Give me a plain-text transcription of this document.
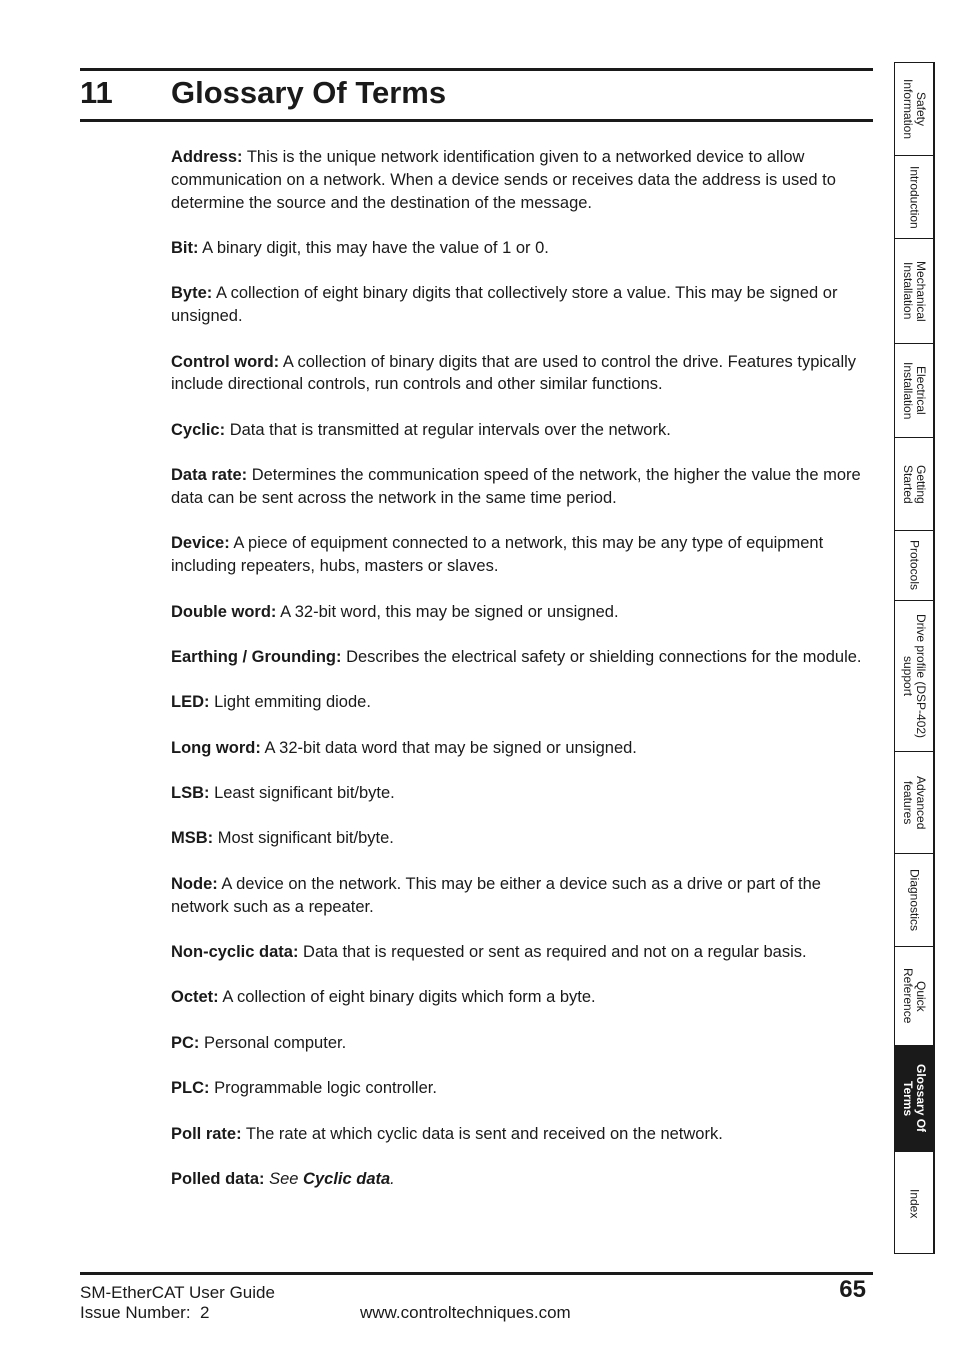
11 Glossary Of Terms
Address: This is the unique network identification given to a networked device to allow communication on a network. When a device sends or receives data the address is used to determine the source and the destination of the message.
Bit: A binary digit, this may have the value of 1 or 0.
Byte: A collection of eight binary digits that collectively store a value. This may be signed or unsigned.
Control word: A collection of binary digits that are used to control the drive. Features typically include directional controls, run controls and other similar functions.
Cyclic: Data that is transmitted at regular intervals over the network.
Data rate: Determines the communication speed of the network, the higher the value the more data can be sent across the network in the same time period.
Device: A piece of equipment connected to a network, this may be any type of equipment including repeaters, hubs, masters or slaves.
Double word: A 32-bit word, this may be signed or unsigned.
Earthing / Grounding: Describes the electrical safety or shielding connections for the module.
LED: Light emmiting diode.
Long word: A 32-bit data word that may be signed or unsigned.
LSB: Least significant bit/byte.
MSB: Most significant bit/byte.
Node: A device on the network. This may be either a device such as a drive or part of the network such as a repeater.
Non-cyclic data: Data that is requested or sent as required and not on a regular basis.
Octet: A collection of eight binary digits which form a byte.
PC: Personal computer.
PLC: Programmable logic controller.
Poll rate: The rate at which cyclic data is sent and received on the network.
Polled data: See Cyclic data.
Safety
Information
Introduction
Mechanical
Installation
Electrical
Installation
Getting
Started
Protocols
Drive profile (DSP-402)
support
Advanced
features
Diagnostics
Quick
Reference
Glossary Of
Terms
Index
SM-EtherCAT User Guide
Issue Number:  2	www.controltechniques.com
65
